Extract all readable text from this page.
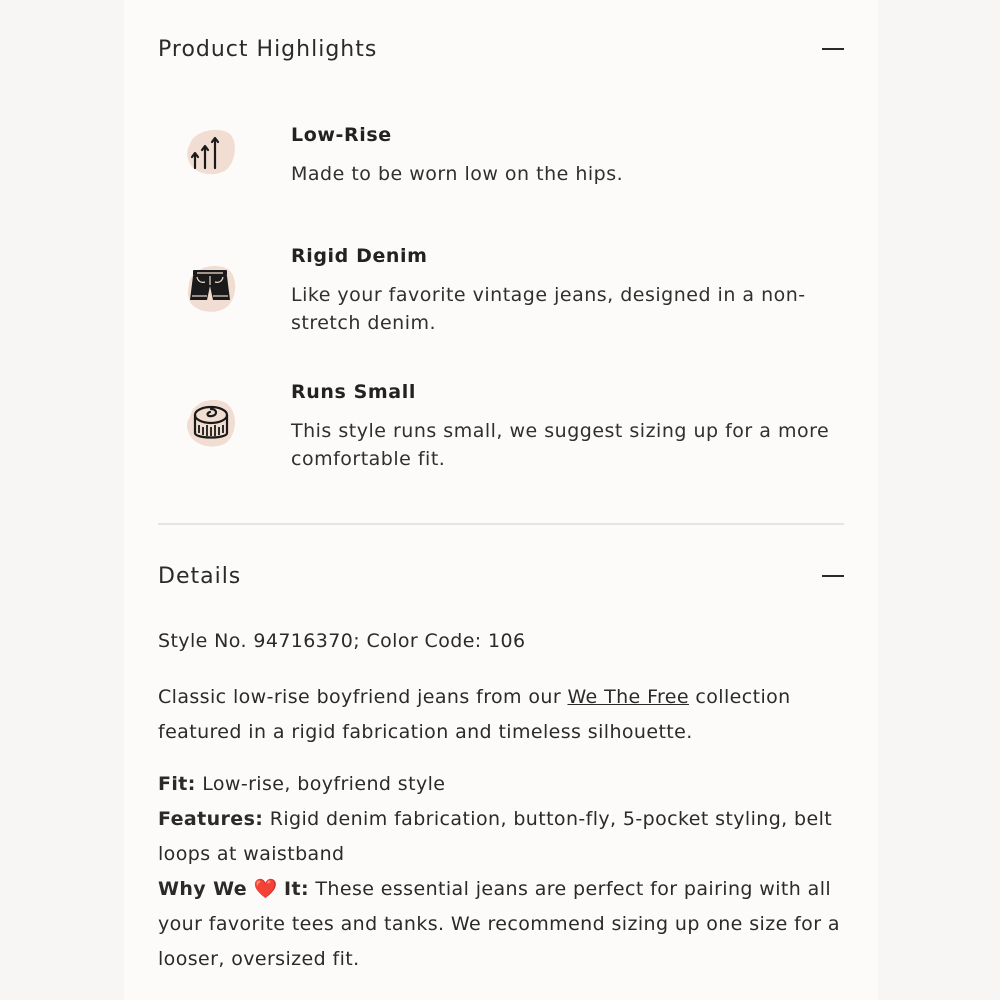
Product Highlights
Low-Rise
Made to be worn low on the hips.
Rigid Denim
Like your favorite vintage jeans, designed in a non-stretch denim.
Runs Small
This style runs small, we suggest sizing up for a more comfortable fit.
Details
Style No. 94716370; Color Code: 106
Classic low-rise boyfriend jeans from our We The Free collection featured in a rigid fabrication and timeless silhouette.
Fit: Low-rise, boyfriend style
Features: Rigid denim fabrication, button-fly, 5-pocket styling, belt loops at waistband
Why We ❤️ It: These essential jeans are perfect for pairing with all your favorite tees and tanks. We recommend sizing up one size for a looser, oversized fit.
